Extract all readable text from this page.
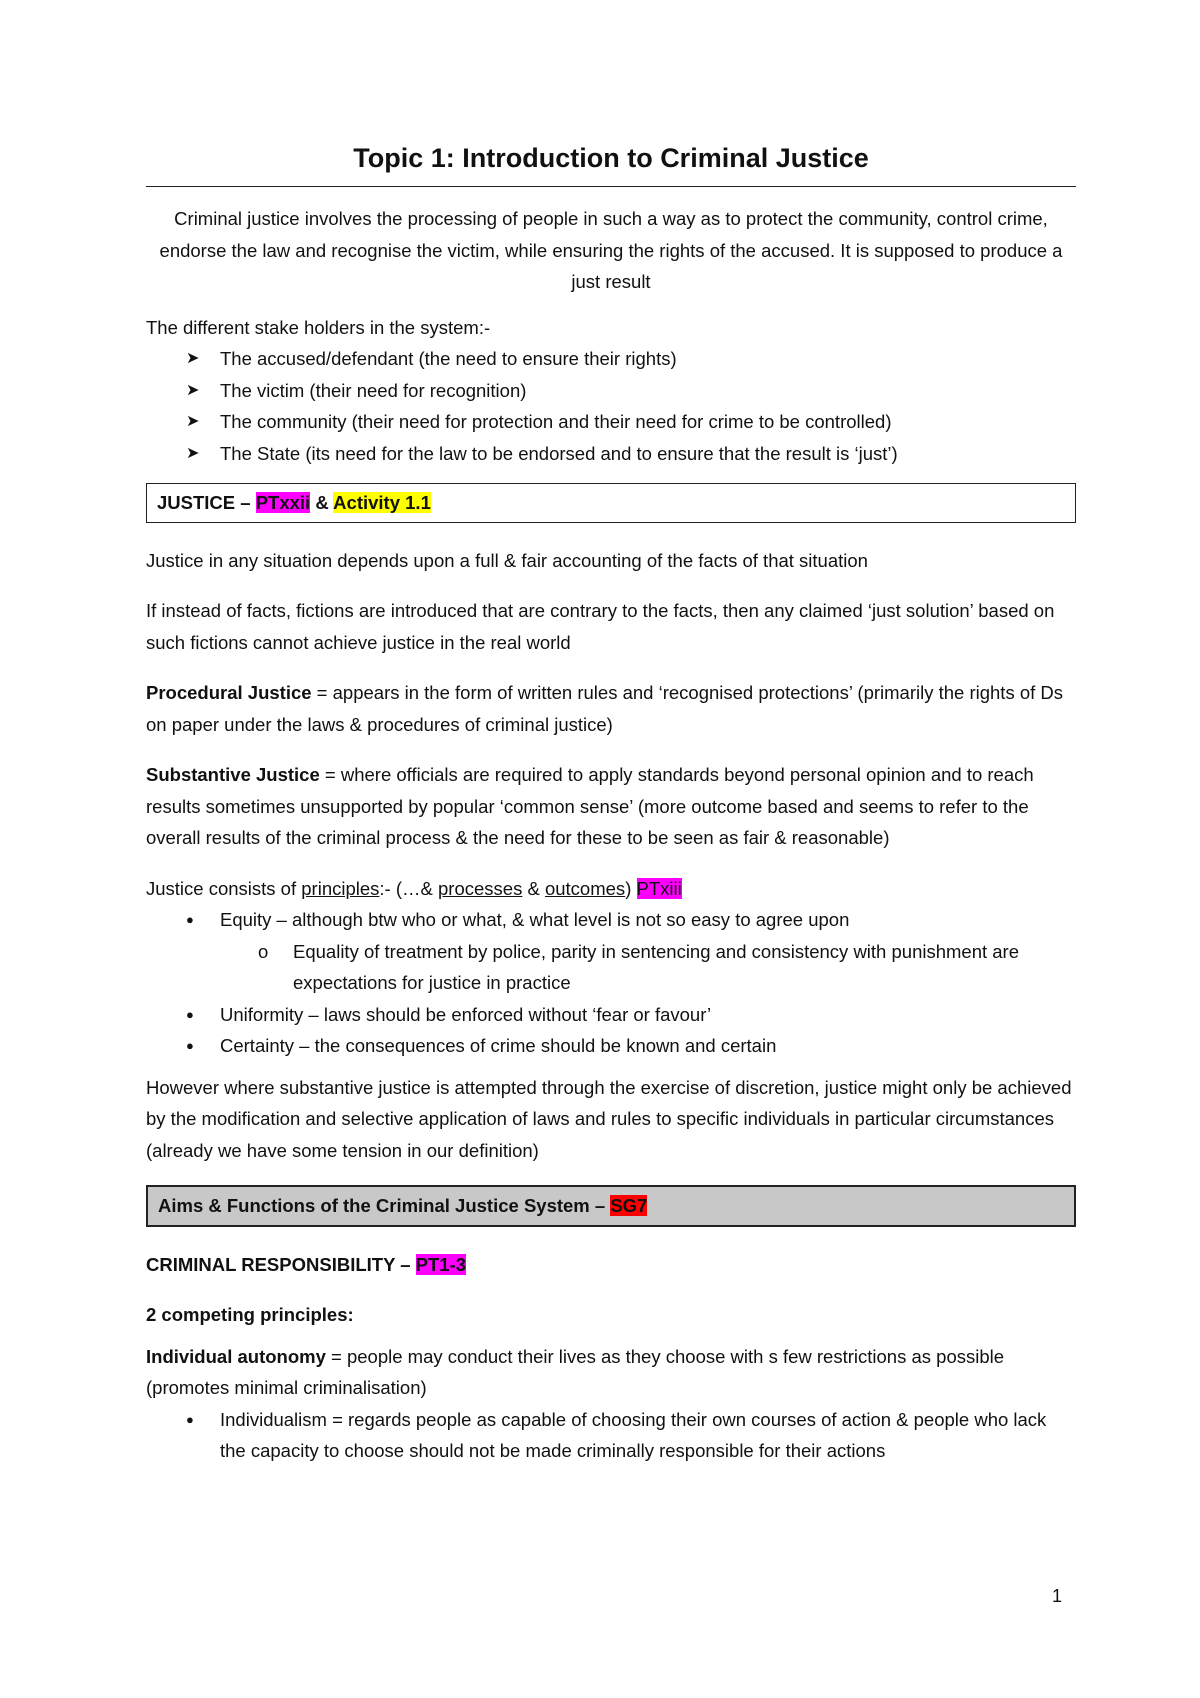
Topic 1: Introduction to Criminal Justice

Criminal justice involves the processing of people in such a way as to protect the community, control crime, endorse the law and recognise the victim, while ensuring the rights of the accused. It is supposed to produce a just result

The different stake holders in the system:-

➤	The accused/defendant (the need to ensure their rights)
➤	The victim (their need for recognition)
➤	The community (their need for protection and their need for crime to be controlled)
➤	The State (its need for the law to be endorsed and to ensure that the result is ‘just’)
JUSTICE – PTxxii & Activity 1.1

Justice in any situation depends upon a full & fair accounting of the facts of that situation

If instead of facts, fictions are introduced that are contrary to the facts, then any claimed ‘just solution’ based on such fictions cannot achieve justice in the real world

Procedural Justice = appears in the form of written rules and ‘recognised protections’ (primarily the rights of Ds on paper under the laws & procedures of criminal justice)

Substantive Justice = where officials are required to apply standards beyond personal opinion and to reach results sometimes unsupported by popular ‘common sense’ (more outcome based and seems to refer to the overall results of the criminal process & the need for these to be seen as fair & reasonable)

Justice consists of principles:- (…& processes & outcomes) PTxiii

●	Equity – although btw who or what, & what level is not so easy to agree upon
o	Equality of treatment by police, parity in sentencing and consistency with punishment are expectations for justice in practice
●	Uniformity – laws should be enforced without ‘fear or favour’
●	Certainty – the consequences of crime should be known and certain

However where substantive justice is attempted through the exercise of discretion, justice might only be achieved by the modification and selective application of laws and rules to specific individuals in particular circumstances (already we have some tension in our definition)

Aims & Functions of the Criminal Justice System – SG7

CRIMINAL RESPONSIBILITY – PT1-3

2 competing principles:

Individual autonomy = people may conduct their lives as they choose with s few restrictions as possible (promotes minimal criminalisation)

●	Individualism = regards people as capable of choosing their own courses of action & people who lack the capacity to choose should not be made criminally responsible for their actions
1
